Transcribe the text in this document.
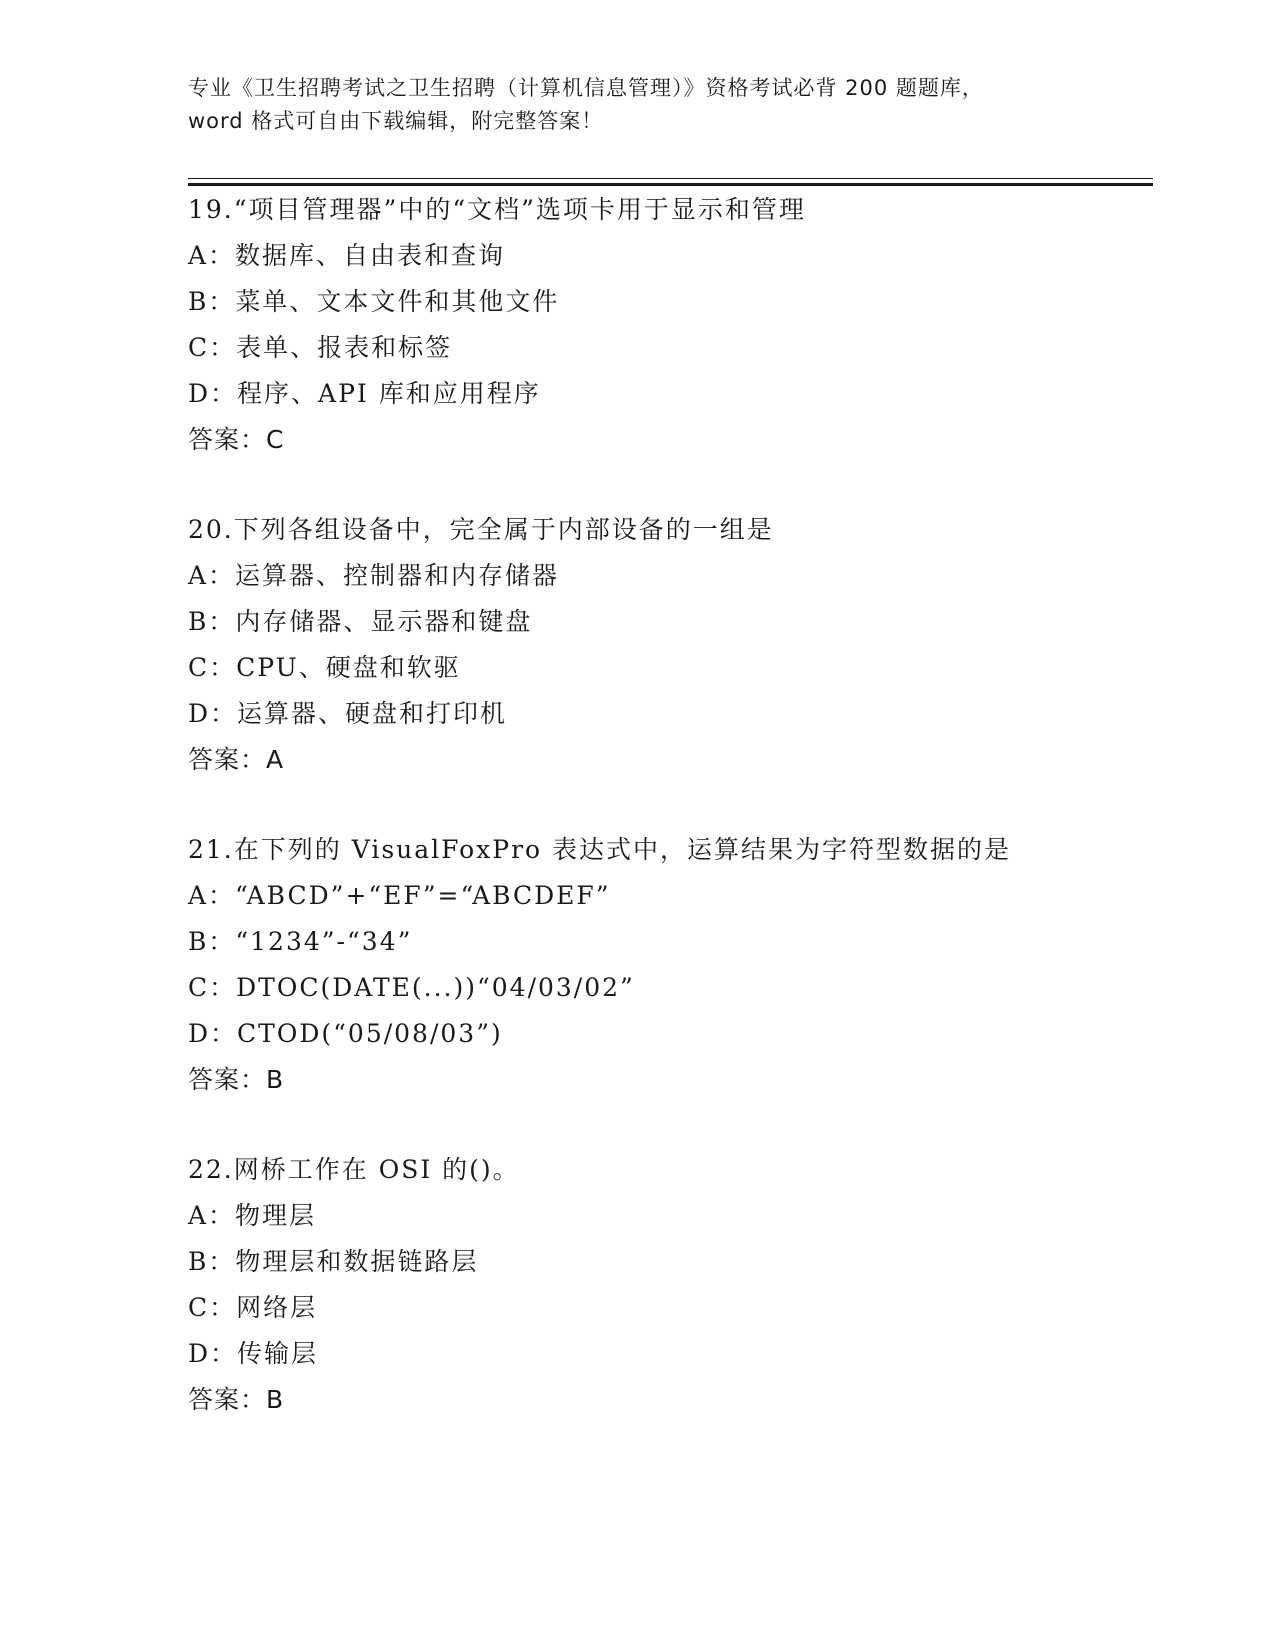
专业《卫生招聘考试之卫生招聘（计算机信息管理）》资格考试必背 200 题题库，
word 格式可自由下载编辑，附完整答案！
19.“项目管理器”中的“文档”选项卡用于显示和管理
A：数据库、自由表和查询
B：菜单、文本文件和其他文件
C：表单、报表和标签
D：程序、API 库和应用程序
答案：C
20.下列各组设备中，完全属于内部设备的一组是
A：运算器、控制器和内存储器
B：内存储器、显示器和键盘
C：CPU、硬盘和软驱
D：运算器、硬盘和打印机
答案：A
21.在下列的 VisualFoxPro 表达式中，运算结果为字符型数据的是
A：“ABCD”+“EF”=“ABCDEF”
B：“1234”-“34”
C：DTOC(DATE(...))“04/03/02”
D：CTOD(“05/08/03”)
答案：B
22.网桥工作在 OSI 的()。
A：物理层
B：物理层和数据链路层
C：网络层
D：传输层
答案：B
